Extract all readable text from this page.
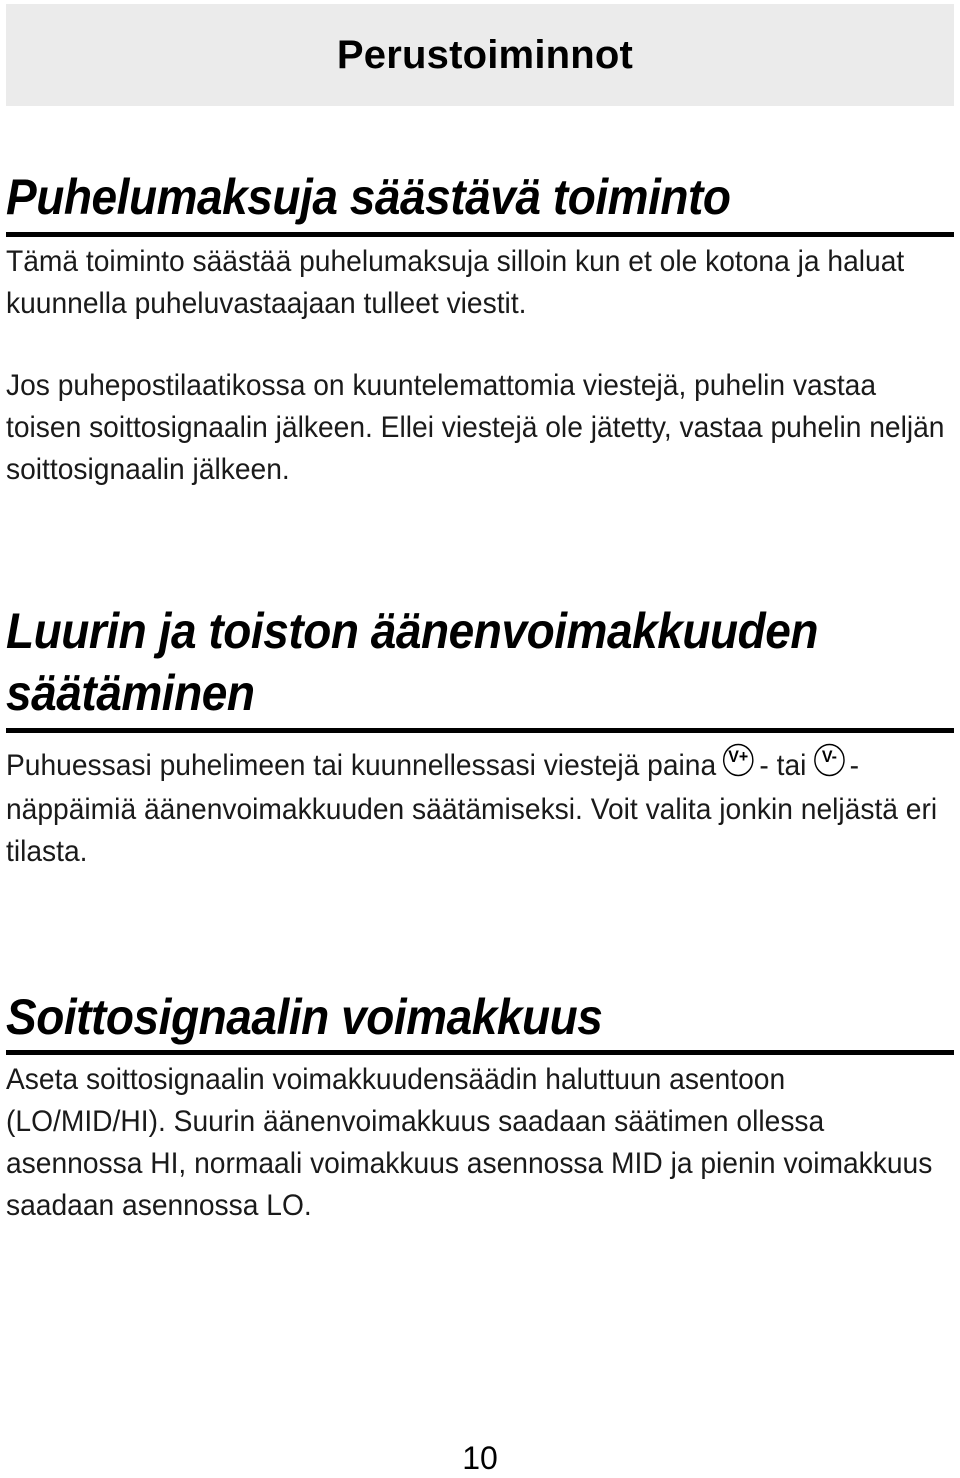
Perustoiminnot
Puhelumaksuja säästävä toiminto

Tämä toiminto säästää puhelumaksuja silloin kun et ole kotona ja haluat kuunnella puheluvastaajaan tulleet viestit.

Jos puhepostilaatikossa on kuuntelemattomia viestejä, puhelin vastaa toisen soittosignaalin jälkeen. Ellei viestejä ole jätetty, vastaa puhelin neljän soittosignaalin jälkeen.

Luurin ja toiston äänenvoimakkuuden
säätäminen

Puhuessasi puhelimeen tai kuunnellessasi viestejä paina V+ - tai V- - näppäimiä äänenvoimakkuuden säätämiseksi. Voit valita jonkin neljästä eri tilasta.

Soittosignaalin voimakkuus

Aseta soittosignaalin voimakkuudensäädin haluttuun asentoon (LO/MID/HI). Suurin äänenvoimakkuus saadaan säätimen ollessa asennossa HI, normaali voimakkuus asennossa MID ja pienin voimakkuus saadaan asennossa LO.

10
